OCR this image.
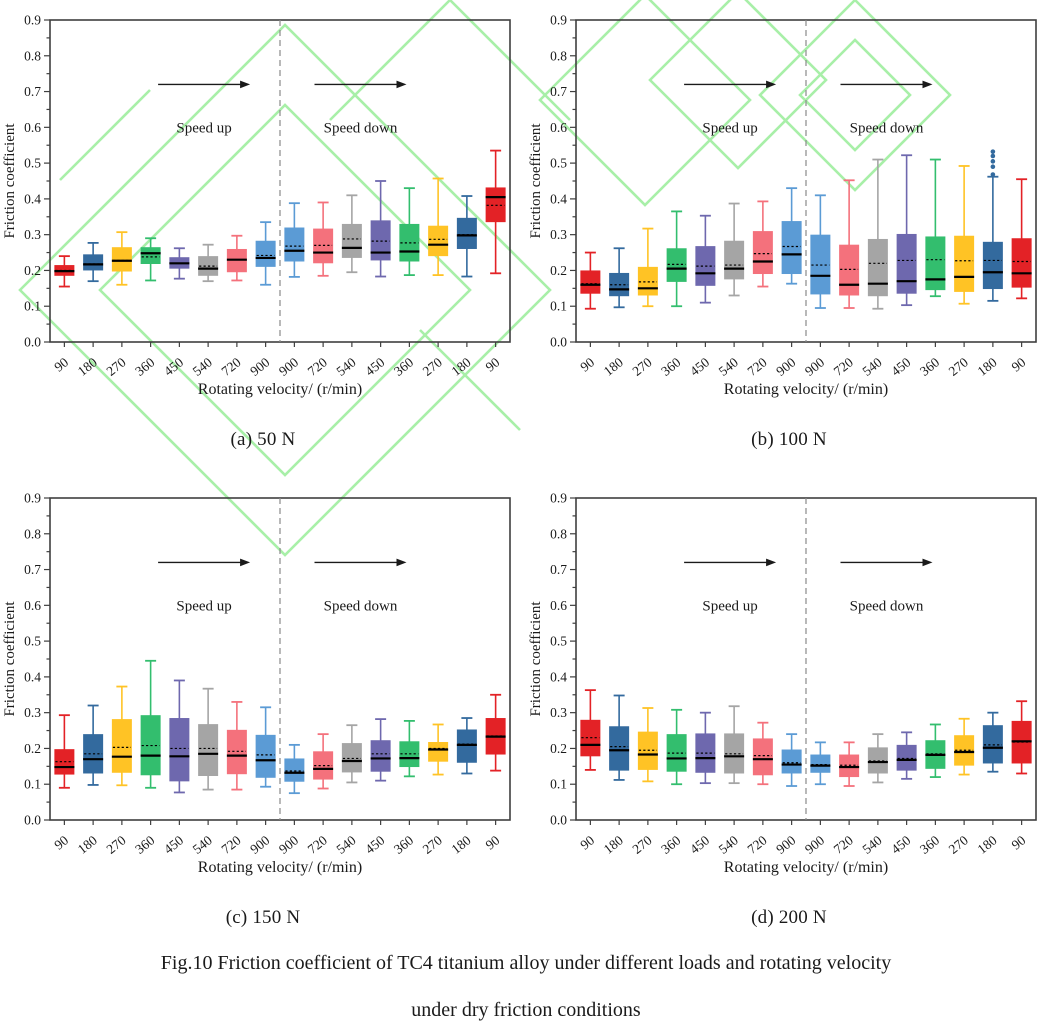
0.0
0.1
0.2
0.3
0.4
0.5
0.6
0.7
0.8
0.9
90 180 270 360 450 540 720 900 900 720 540 450 360 270 180 90
Speed up	Speed down
Rotating velocity/ (r/min)
Friction coefficient
0.0
0.1
0.2
0.3
0.4
0.5
0.6
0.7
0.8
0.9
90 180 270 360 450 540 720 900 900 720 540 450 360 270 180 90
Speed up	Speed down
Rotating velocity/ (r/min)
Friction coefficient
(a) 50 N	(b) 100 N
0.0
0.1
0.2
0.3
0.4
0.5
0.6
0.7
0.8
0.9
90 180 270 360 450 540 720 900 900 720 540 450 360 270 180 90
Speed up	Speed down
Rotating velocity/ (r/min)
Friction coefficient
0.0
0.1
0.2
0.3
0.4
0.5
0.6
0.7
0.8
0.9
90 180 270 360 450 540 720 900 900 720 540 450 360 270 180 90
Speed up	Speed down
Rotating velocity/ (r/min)
Friction coefficient
(c) 150 N	(d) 200 N
Fig.10 Friction coefficient of TC4 titanium alloy under different loads and rotating velocity
under dry friction conditions
